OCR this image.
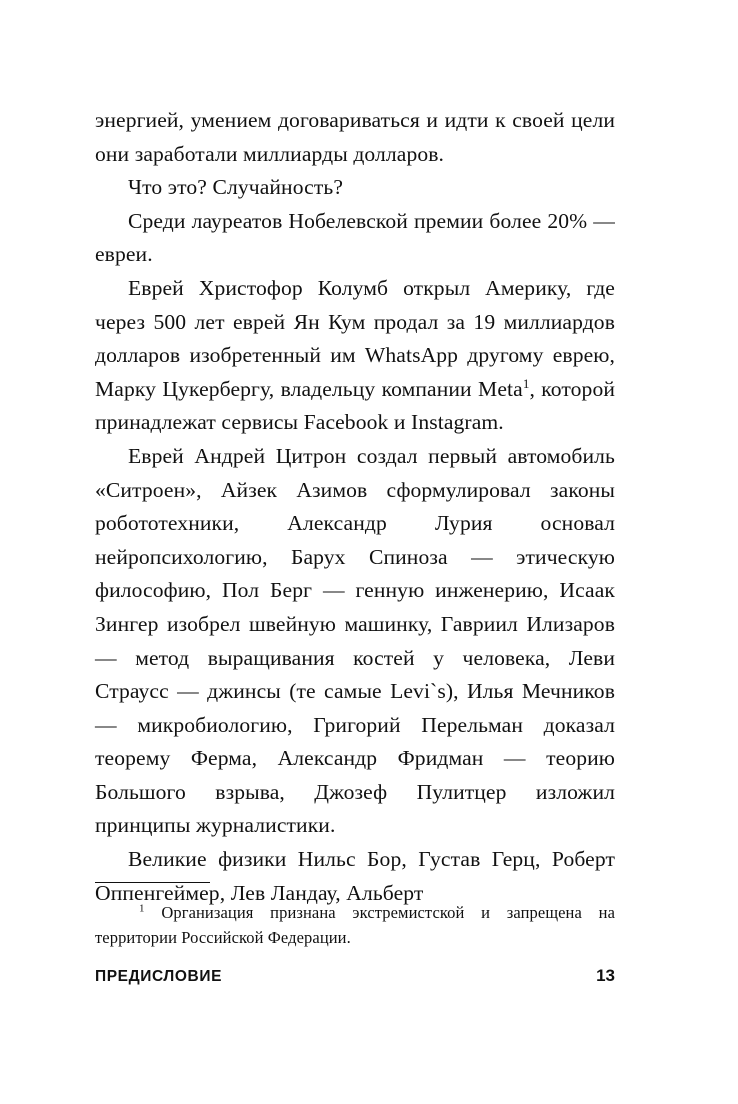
энергией, умением договариваться и идти к своей цели они заработали миллиарды долларов.

Что это? Случайность?

Среди лауреатов Нобелевской премии более 20% — евреи.

Еврей Христофор Колумб открыл Америку, где через 500 лет еврей Ян Кум продал за 19 миллиардов долларов изобретенный им WhatsApp другому еврею, Марку Цукербергу, владельцу компании Meta$^1$, которой принадлежат сервисы Facebook и Instagram.

Еврей Андрей Цитрон создал первый автомобиль «Ситроен», Айзек Азимов сформулировал законы робототехники, Александр Лурия основал нейропсихологию, Барух Спиноза — этическую философию, Пол Берг — генную инженерию, Исаак Зингер изобрел швейную машинку, Гавриил Илизаров — метод выращивания костей у человека, Леви Страусс — джинсы (те самые Levi`s), Илья Мечников — микробиологию, Григорий Перельман доказал теорему Ферма, Александр Фридман — теорию Большого взрыва, Джозеф Пулитцер изложил принципы журналистики.

Великие физики Нильс Бор, Густав Герц, Роберт Оппенгеймер, Лев Ландау, Альберт

$^1$ Организация признана экстремистской и запрещена на территории Российской Федерации.

ПРЕДИСЛОВИЕ	13
